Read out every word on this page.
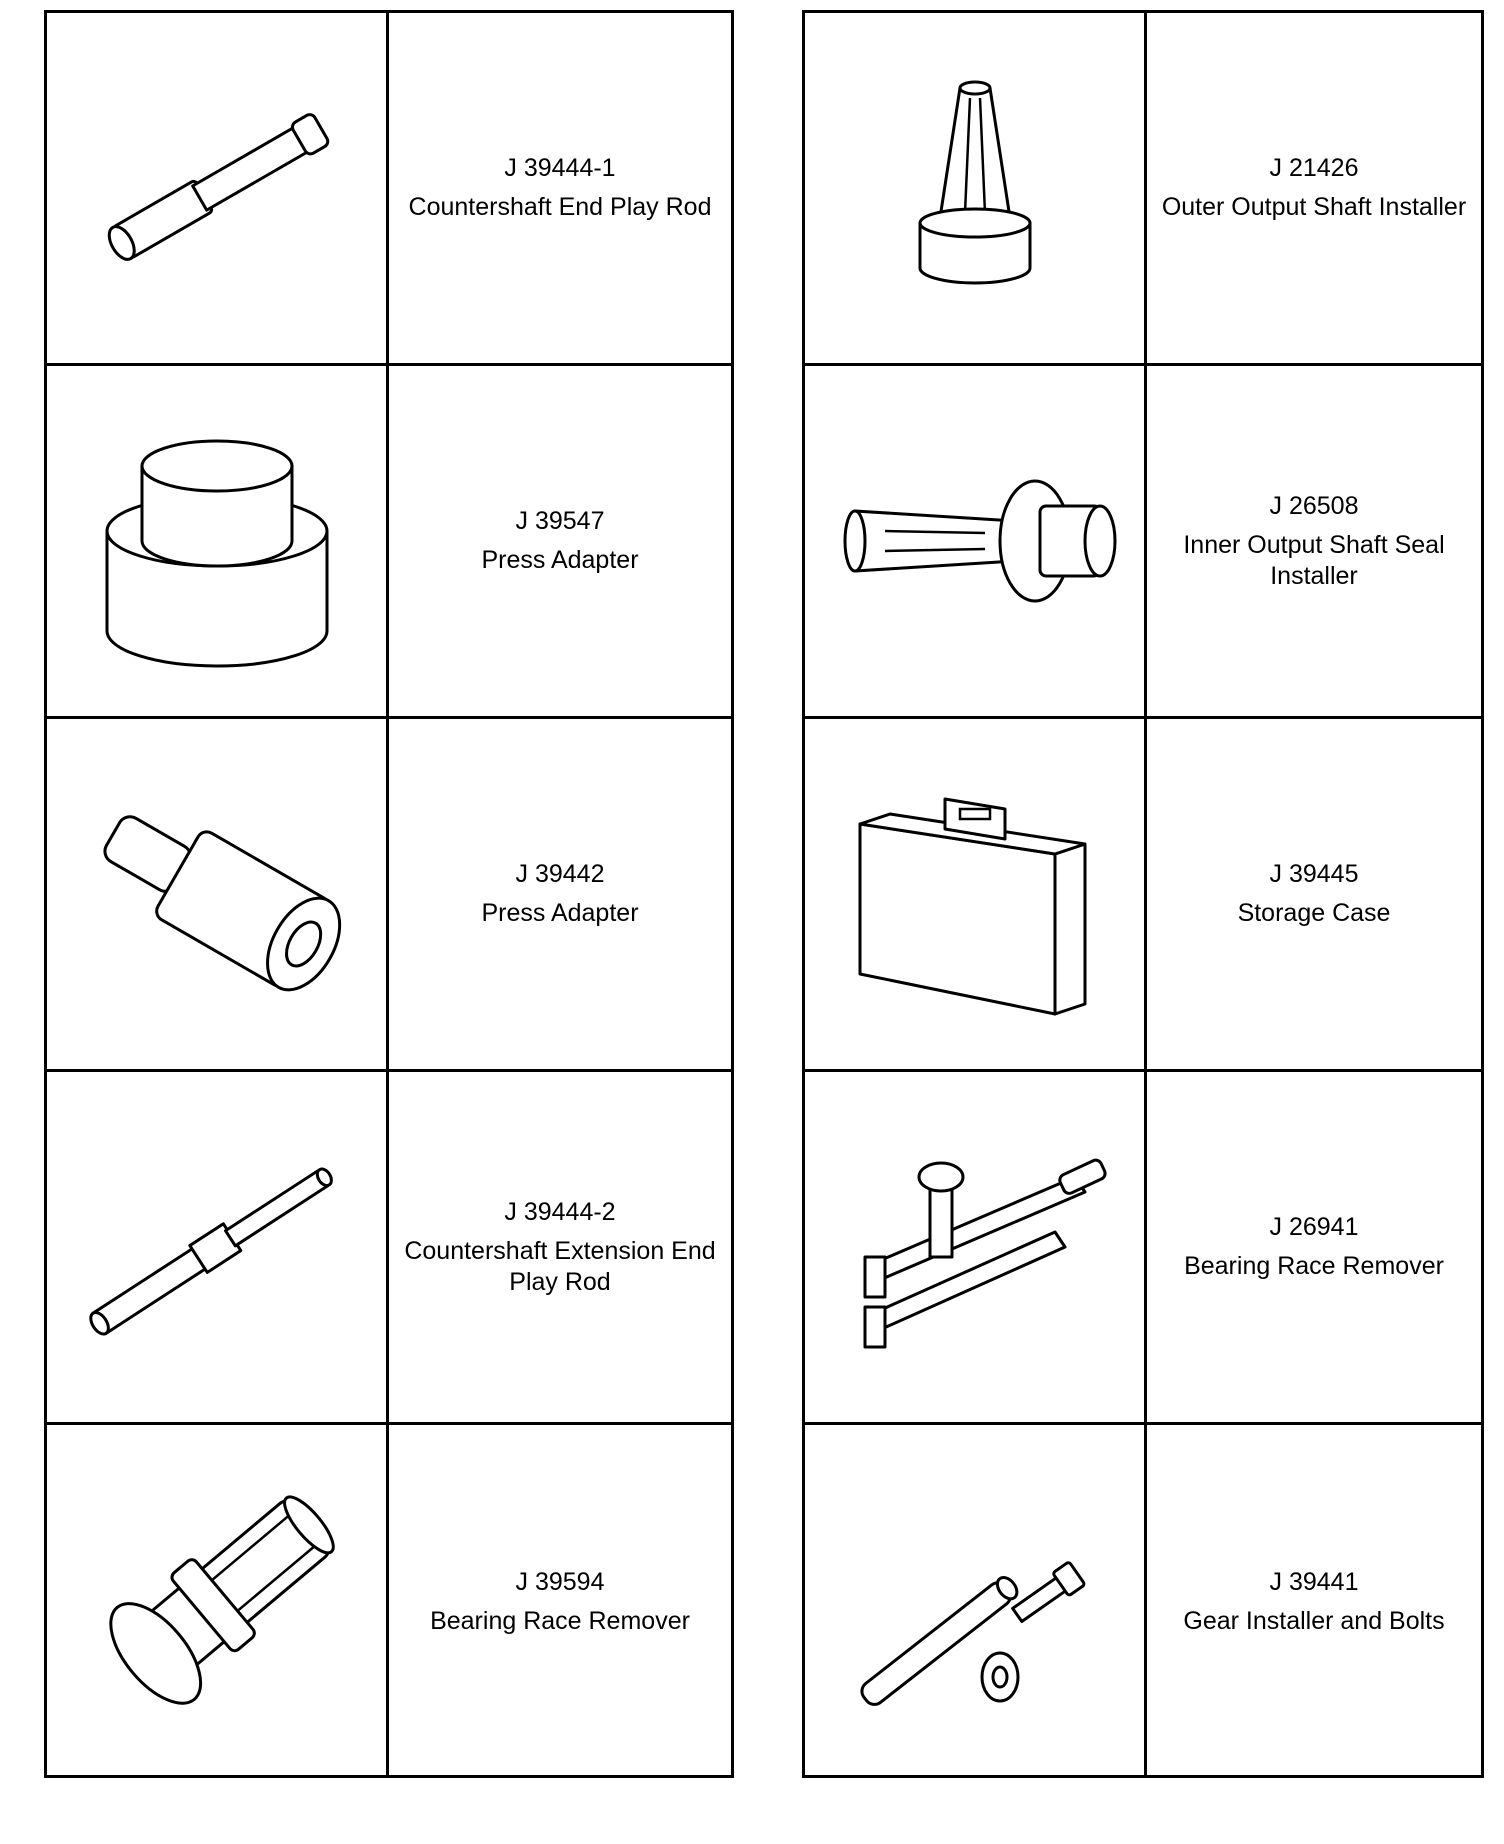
J 39444-1
Countershaft End Play Rod
J 39547
Press Adapter
J 39442
Press Adapter
J 39444-2
Countershaft Extension End Play Rod
J 39594
Bearing Race Remover
J 21426
Outer Output Shaft Installer
J 26508
Inner Output Shaft Seal Installer
J 39445
Storage Case
J 26941
Bearing Race Remover
J 39441
Gear Installer and Bolts
